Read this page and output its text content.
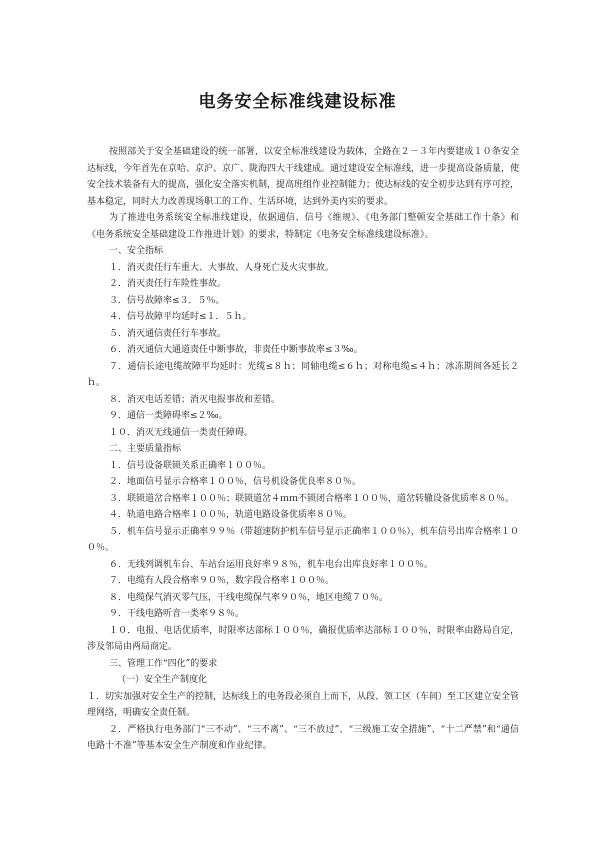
电务安全标准线建设标准

按照部关于安全基础建设的统一部署，以安全标准线建设为载体，全路在２－３年内要建成１０条安全达标线，今年首先在京哈、京沪、京广、陇海四大干线建成。通过建设安全标准线，进一步提高设备质量，使安全技术装备有大的提高，强化安全落实机制，提高班组作业控制能力；使达标线的安全初步达到有序可控，基本稳定，同时大力改善现场职工的工作、生活环境，达到外美内实的要求。

为了推进电务系统安全标准线建设，依据通信、信号《维规》、《电务部门整顿安全基础工作十条》和《电务系统安全基础建设工作推进计划》的要求，特制定《电务安全标准线建设标准》。

一、安全指标

１．消灭责任行车重大、大事故、人身死亡及火灾事故。

２．消灭责任行车险性事故。

３．信号故障率≤３．５％。

４．信号故障平均延时≤１．５ｈ。

５．消灭通信责任行车事故。

６．消灭通信大通道责任中断事故，非责任中断事故率≤３‰。

７．通信长途电缆故障平均延时：光缆≤８ｈ；同轴电缆≤６ｈ；对称电缆≤４ｈ；冰冻期间各延长２ｈ。

８．消灭电话差错；消灭电报事故和差错。

９．通信一类障碍率≤２‰。

１０．消灭无线通信一类责任障碍。

二、主要质量指标

１．信号设备联锁关系正确率１００％。

２．地面信号显示合格率１００％，信号机设备优良率８０％。

３．联锁道岔合格率１００％；联锁道岔４ｍｍ不锁闭合格率１００％，道岔转辙设备优质率８０％。

４．轨道电路合格率１００％，轨道电路设备优质率８０％。

５．机车信号显示正确率９９％（带超速防护机车信号显示正确率１００％），机车信号出库合格率１００％。

６．无线列调机车台、车站台运用良好率９８％，机车电台出库良好率１００％。

７．电缆有人段合格率９０％，数字段合格率１００％。

８．电缆保气消灭零气压，干线电缆保气率９０％，地区电缆７０％。

９．干线电路听音一类率９８％。

１０．电报、电话优质率，时限率达部标１００％，确报优质率达部标１００％，时限率由路局自定，涉及邻局由两局商定。

三、管理工作“四化”的要求

（一）安全生产制度化

１．切实加强对安全生产的控制，达标线上的电务段必须自上而下，从段、领工区（车间）至工区建立安全管理网络，明确安全责任制。

２．严格执行电务部门“三不动”、“三不离”、“三不放过”、“三级施工安全措施”、“十二严禁”和“通信电路十不准”等基本安全生产制度和作业纪律。
